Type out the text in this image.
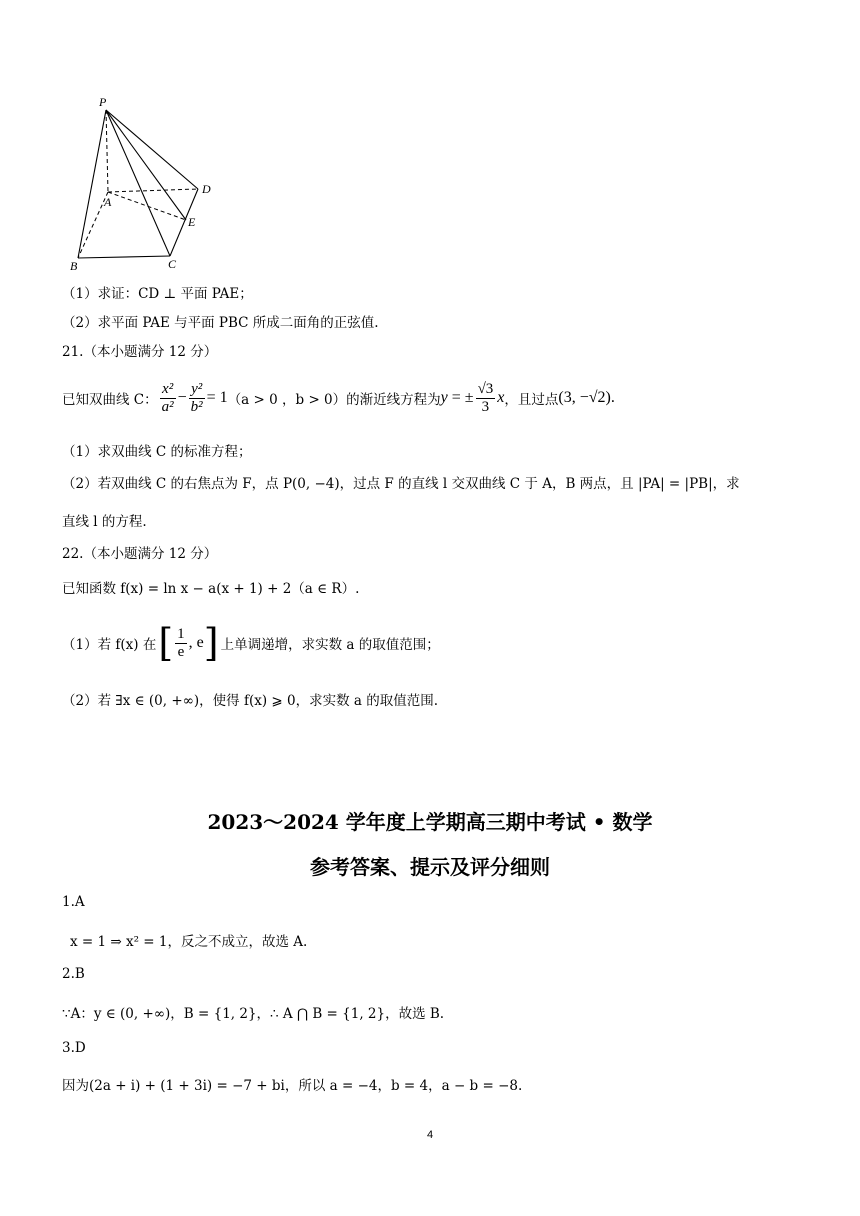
P
A
B	C
D
E
（1）求证：CD ⊥ 平面 PAE；
（2）求平面 PAE 与平面 PBC 所成二面角的正弦值.
21.（本小题满分 12 分）
已知双曲线 C： $\frac{\text{x²}}{\text{a²}} - \frac{\text{y²}}{\text{b²}} = 1$ （a > 0 ，b > 0）的渐近线方程为 y = ± $\frac{√3}{3}$ x ，且过点 (3, −√2).
（1）求双曲线 C 的标准方程；
（2）若双曲线 C 的右焦点为 F，点 P(0, −4)，过点 F 的直线 l 交双曲线 C 于 A，B 两点，且 |PA| = |PB|，求
直线 l 的方程.
22.（本小题满分 12 分）
已知函数 f(x) = ln x − a(x + 1) + 2（a ∈ R）.
（1）若 f(x) 在 [ $\frac{1}{e}$ , e ] 上单调递增，求实数 a 的取值范围；
（2）若 ∃x ∈ (0, +∞)，使得 f(x) ⩾ 0，求实数 a 的取值范围.
2023～2024 学年度上学期高三期中考试 • 数学
参考答案、提示及评分细则
1.A
x = 1 ⇒ x² = 1，反之不成立，故选 A.
2.B
∵A：y ∈ (0, +∞)，B = {1, 2}，∴ A ⋂ B = {1, 2}，故选 B.
3.D
因为(2a + i) + (1 + 3i) = −7 + bi，所以 a = −4，b = 4，a − b = −8.
4
